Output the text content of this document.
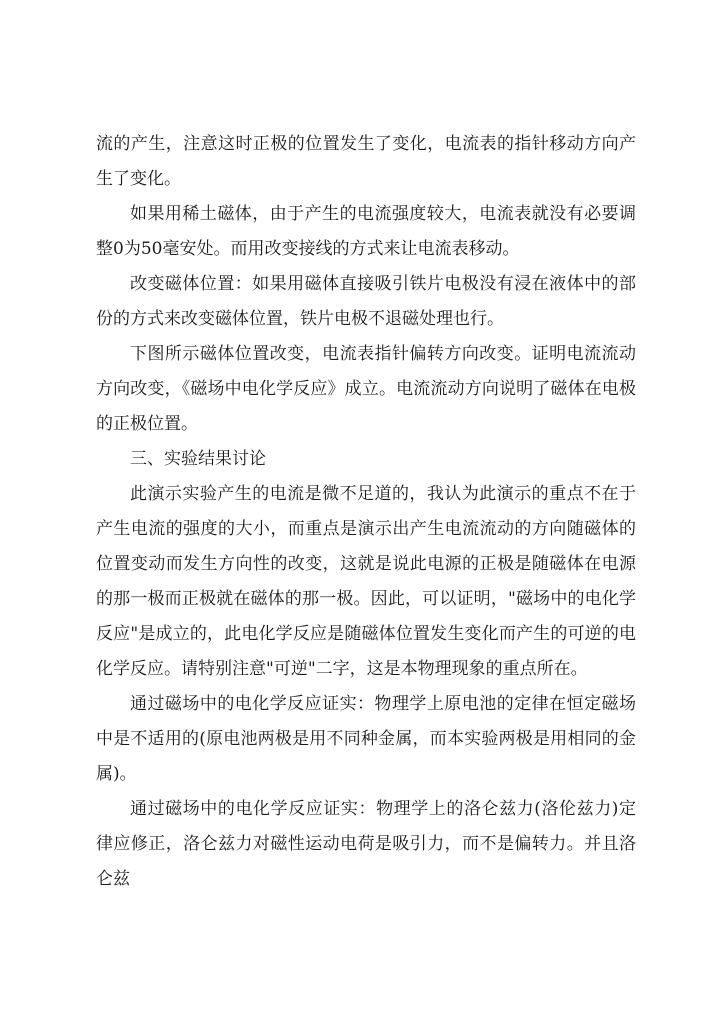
流的产生，注意这时正极的位置发生了变化，电流表的指针移动方向产生了变化。

如果用稀土磁体，由于产生的电流强度较大，电流表就没有必要调整0为50毫安处。而用改变接线的方式来让电流表移动。

改变磁体位置：如果用磁体直接吸引铁片电极没有浸在液体中的部份的方式来改变磁体位置，铁片电极不退磁处理也行。

下图所示磁体位置改变，电流表指针偏转方向改变。证明电流流动方向改变，《磁场中电化学反应》成立。电流流动方向说明了磁体在电极的正极位置。

三、实验结果讨论

此演示实验产生的电流是微不足道的，我认为此演示的重点不在于产生电流的强度的大小，而重点是演示出产生电流流动的方向随磁体的位置变动而发生方向性的改变，这就是说此电源的正极是随磁体在电源的那一极而正极就在磁体的那一极。因此，可以证明，"磁场中的电化学反应"是成立的，此电化学反应是随磁体位置发生变化而产生的可逆的电化学反应。请特别注意"可逆"二字，这是本物理现象的重点所在。

通过磁场中的电化学反应证实：物理学上原电池的定律在恒定磁场中是不适用的(原电池两极是用不同种金属，而本实验两极是用相同的金属)。

通过磁场中的电化学反应证实：物理学上的洛仑兹力(洛伦兹力)定律应修正，洛仑兹力对磁性运动电荷是吸引力，而不是偏转力。并且洛仑兹
